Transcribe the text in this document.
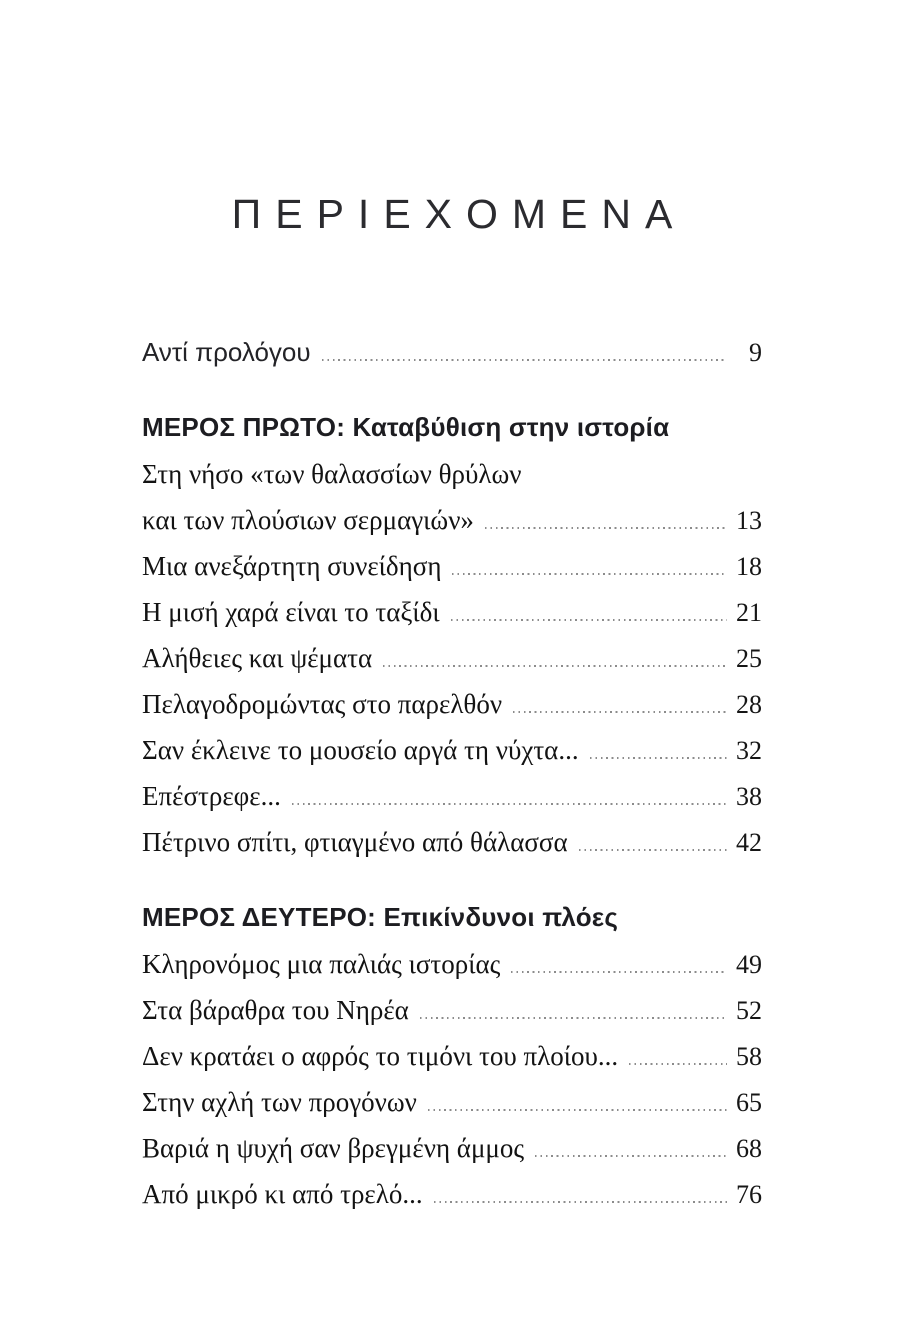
ΠΕΡΙΕΧΟΜΕΝΑ
Αντί προλόγου	9
ΜΕΡΟΣ ΠΡΩΤΟ: Καταβύθιση στην ιστορία
Στη νήσο «των θαλασσίων θρύλων
και των πλούσιων σερμαγιών»	13
Μια ανεξάρτητη συνείδηση	18
Η μισή χαρά είναι το ταξίδι	21
Αλήθειες και ψέματα	25
Πελαγοδρομώντας στο παρελθόν	28
Σαν έκλεινε το μουσείο αργά τη νύχτα...	32
Επέστρεφε...	38
Πέτρινο σπίτι, φτιαγμένο από θάλασσα	42
ΜΕΡΟΣ ΔΕΥΤΕΡΟ: Επικίνδυνοι πλόες
Κληρονόμος μια παλιάς ιστορίας	49
Στα βάραθρα του Νηρέα	52
Δεν κρατάει ο αφρός το τιμόνι του πλοίου...	58
Στην αχλή των προγόνων	65
Βαριά η ψυχή σαν βρεγμένη άμμος	68
Από μικρό κι από τρελό...	76
